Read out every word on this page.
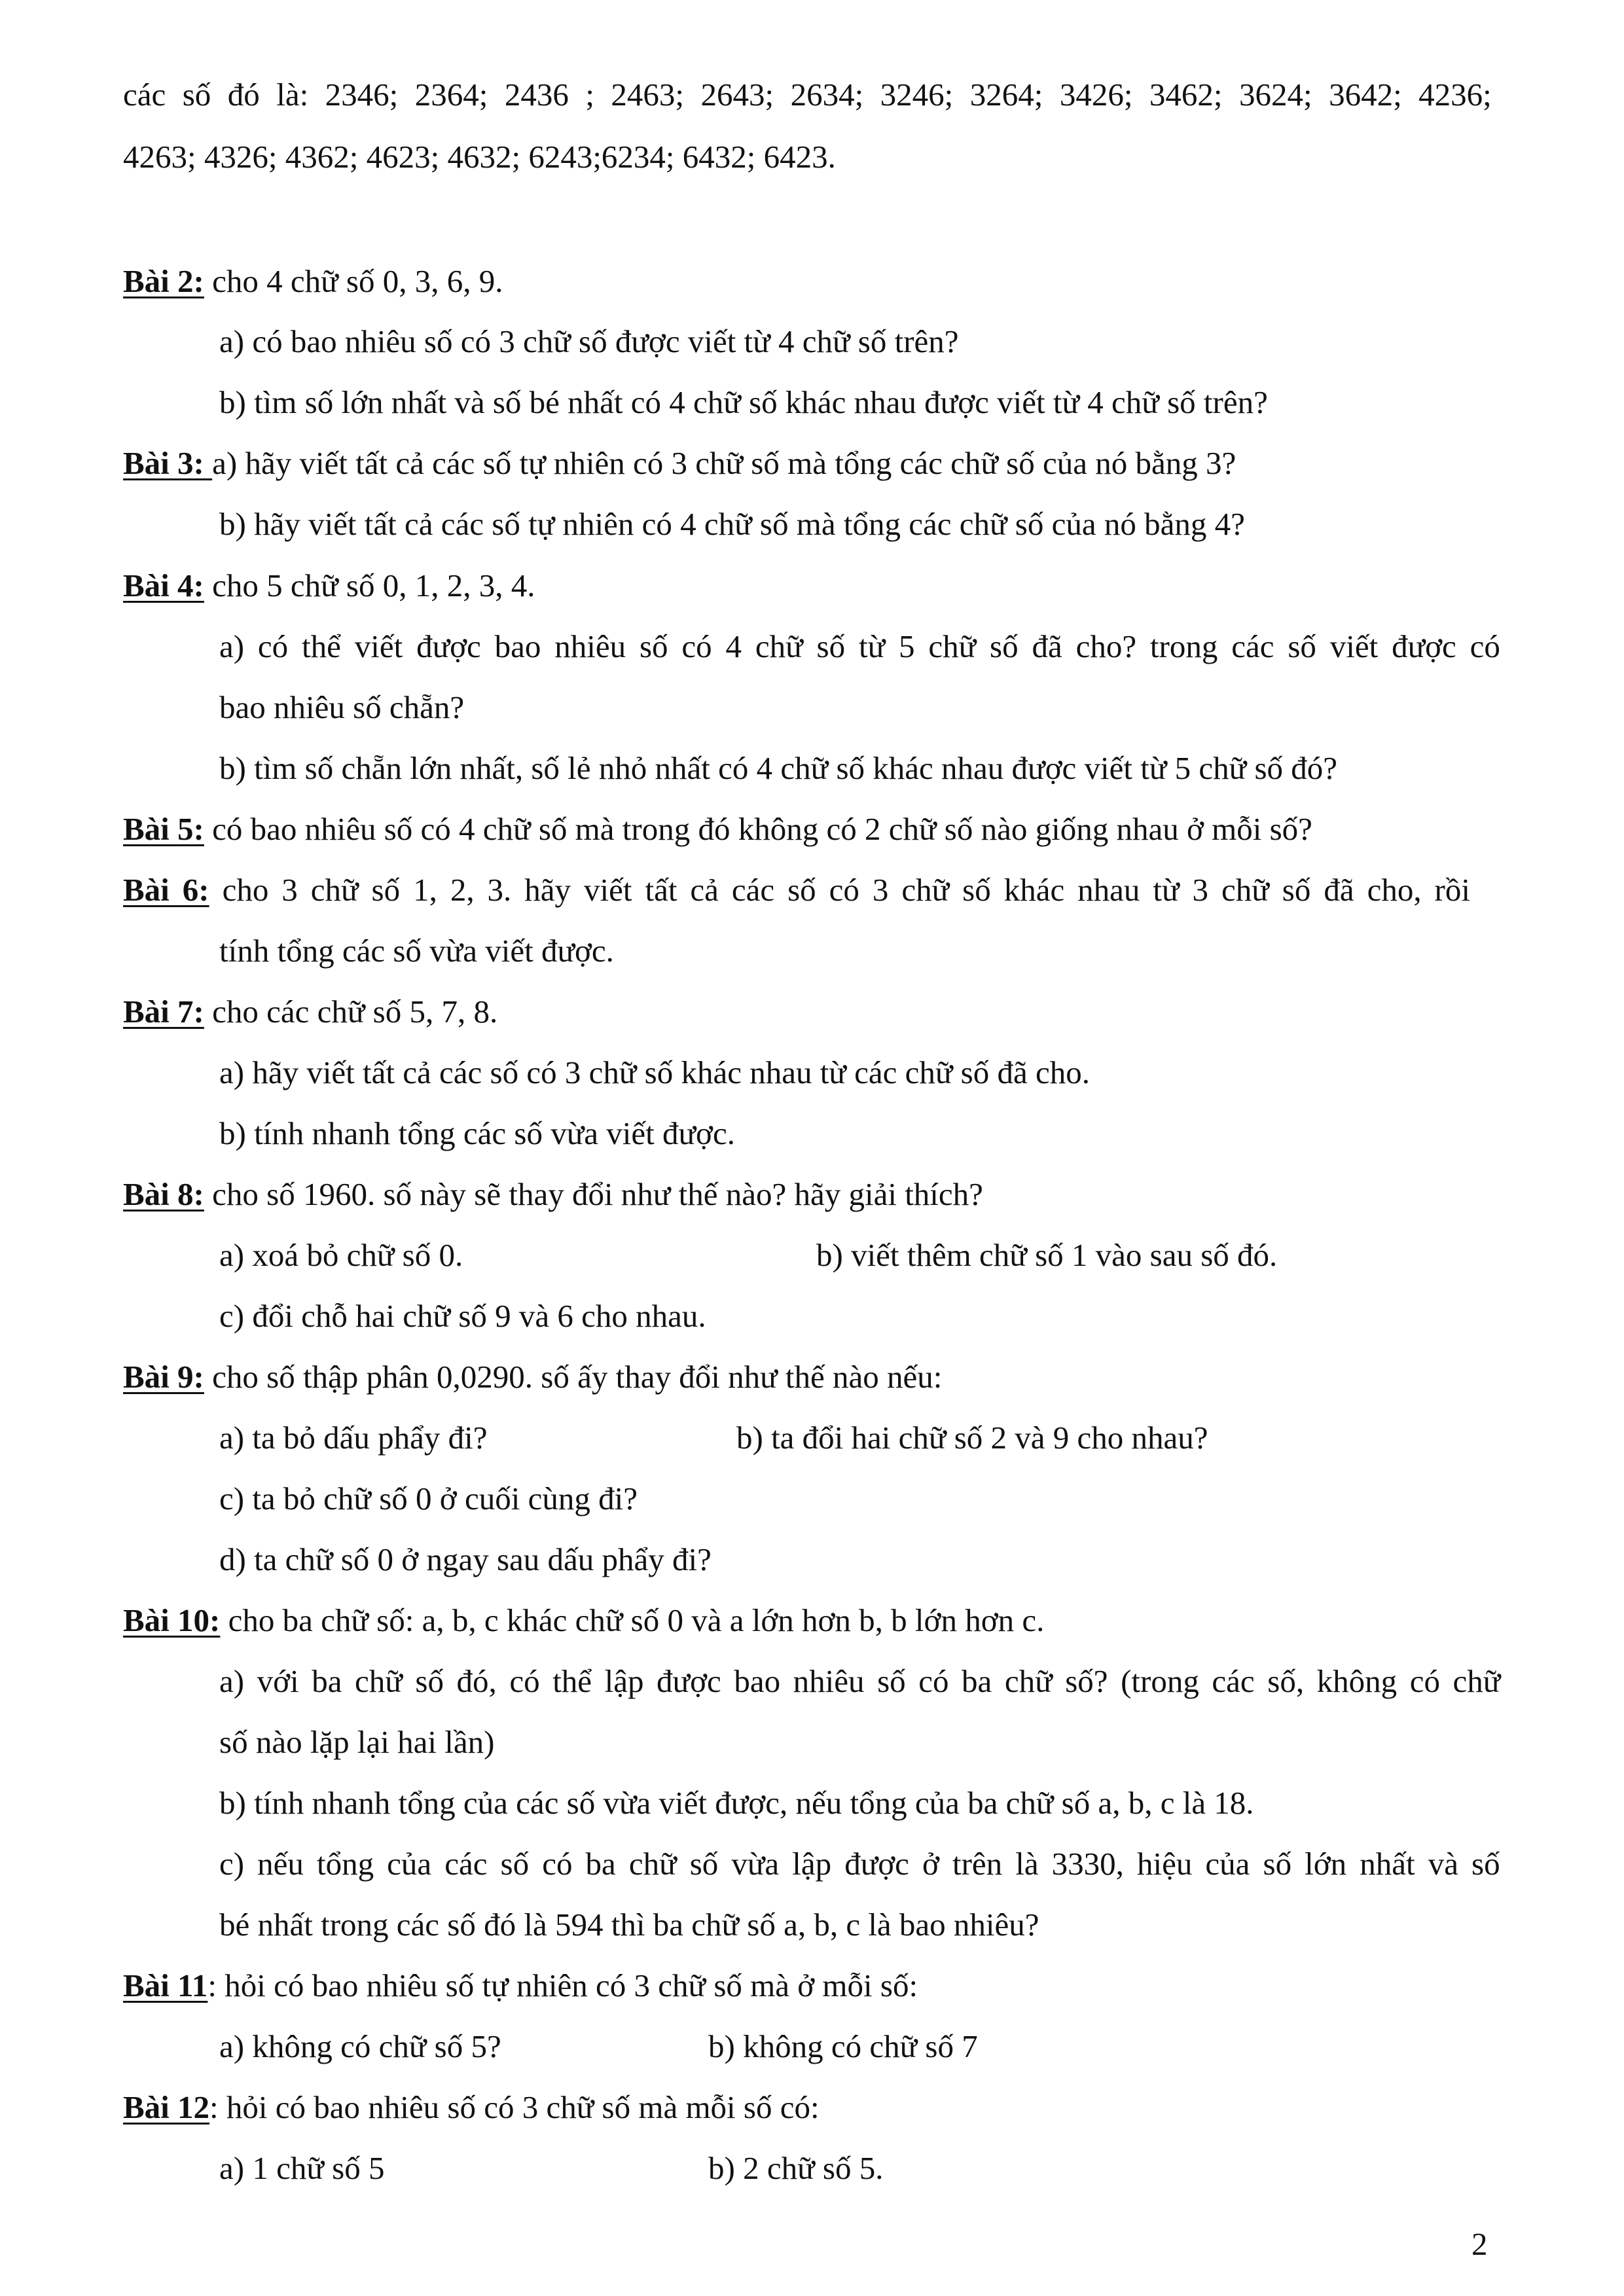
các số đó là: 2346; 2364; 2436 ; 2463; 2643; 2634; 3246; 3264; 3426; 3462; 3624; 3642; 4236;
4263; 4326; 4362; 4623; 4632; 6243;6234; 6432; 6423.
Bài 2: cho 4 chữ số 0, 3, 6, 9.
a) có bao nhiêu số có 3 chữ số được viết từ 4 chữ số trên?
b) tìm số lớn nhất và số bé nhất có 4 chữ số khác nhau được viết từ 4 chữ số trên?
Bài 3: a) hãy viết tất cả các số tự nhiên có 3 chữ số mà tổng các chữ số của nó bằng 3?
b) hãy viết tất cả các số tự nhiên có 4 chữ số mà tổng các chữ số của nó bằng 4?
Bài 4: cho 5 chữ số 0, 1, 2, 3, 4.
a) có thể viết được bao nhiêu số có 4 chữ số từ 5 chữ số đã cho? trong các số viết được có
bao nhiêu số chẵn?
b) tìm số chẵn lớn nhất, số lẻ nhỏ nhất có 4 chữ số khác nhau được viết từ 5 chữ số đó?
Bài 5: có bao nhiêu số có 4 chữ số mà trong đó không có 2 chữ số nào giống nhau ở mỗi số?
Bài 6: cho 3 chữ số 1, 2, 3. hãy viết tất cả các số có 3 chữ số khác nhau từ 3 chữ số đã cho, rồi
tính tổng các số vừa viết được.
Bài 7: cho các chữ số 5, 7, 8.
a) hãy viết tất cả các số có 3 chữ số khác nhau từ các chữ số đã cho.
b) tính nhanh tổng các số vừa viết được.
Bài 8: cho số 1960. số này sẽ thay đổi như thế nào? hãy giải thích?
a) xoá bỏ chữ số 0.	b) viết thêm chữ số 1 vào sau số đó.
c) đổi chỗ hai chữ số 9 và 6 cho nhau.
Bài 9: cho số thập phân 0,0290. số ấy thay đổi như thế nào nếu:
a) ta bỏ dấu phẩy đi?	b) ta đổi hai chữ số 2 và 9 cho nhau?
c) ta bỏ chữ số 0 ở cuối cùng đi?
d) ta chữ số 0 ở ngay sau dấu phẩy đi?
Bài 10: cho ba chữ số: a, b, c khác chữ số 0 và a lớn hơn b, b lớn hơn c.
a) với ba chữ số đó, có thể lập được bao nhiêu số có ba chữ số? (trong các số, không có chữ
số nào lặp lại hai lần)
b) tính nhanh tổng của các số vừa viết được, nếu tổng của ba chữ số a, b, c là 18.
c) nếu tổng của các số có ba chữ số vừa lập được ở trên là 3330, hiệu của số lớn nhất và số
bé nhất trong các số đó là 594 thì ba chữ số a, b, c là bao nhiêu?
Bài 11: hỏi có bao nhiêu số tự nhiên có 3 chữ số mà ở mỗi số:
a) không có chữ số 5?	b) không có chữ số 7
Bài 12: hỏi có bao nhiêu số có 3 chữ số mà mỗi số có:
a) 1 chữ số 5	b) 2 chữ số 5.
2
